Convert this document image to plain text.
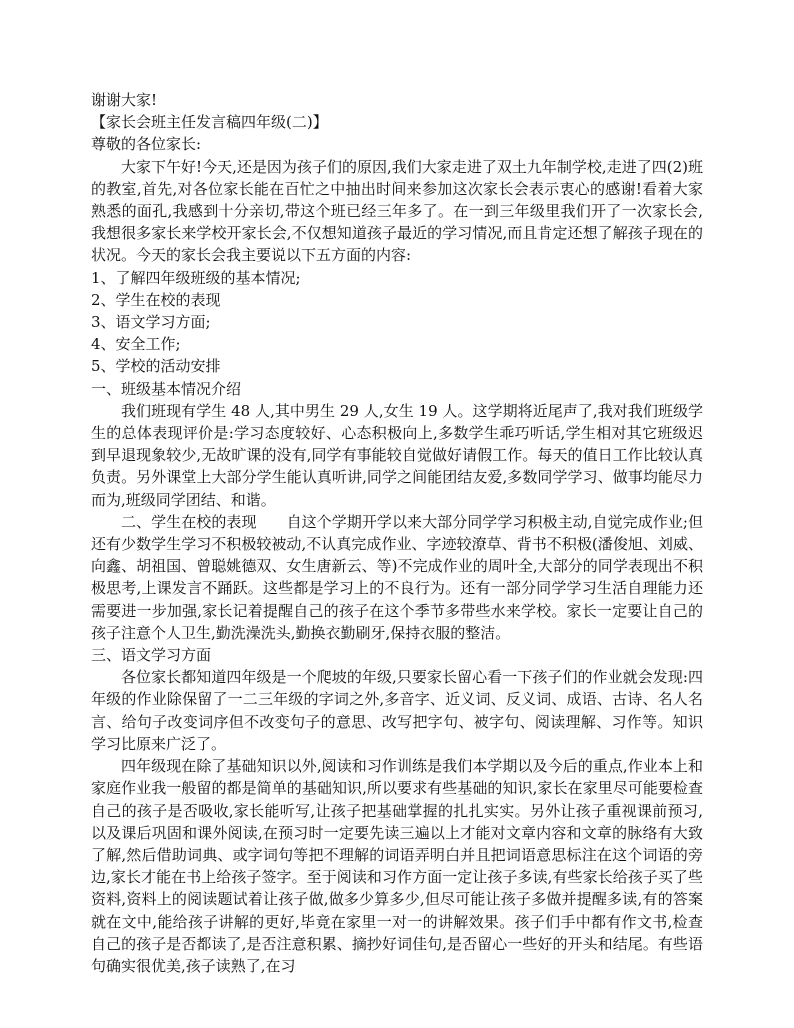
谢谢大家!

【家长会班主任发言稿四年级(二)】

尊敬的各位家长:

大家下午好!今天,还是因为孩子们的原因,我们大家走进了双土九年制学校,走进了四(2)班的教室,首先,对各位家长能在百忙之中抽出时间来参加这次家长会表示衷心的感谢!看着大家熟悉的面孔,我感到十分亲切,带这个班已经三年多了。在一到三年级里我们开了一次家长会,我想很多家长来学校开家长会,不仅想知道孩子最近的学习情况,而且肯定还想了解孩子现在的状况。今天的家长会我主要说以下五方面的内容:

1、了解四年级班级的基本情况;

2、学生在校的表现

3、语文学习方面;

4、安全工作;

5、学校的活动安排

一、班级基本情况介绍

我们班现有学生 48 人,其中男生 29 人,女生 19 人。这学期将近尾声了,我对我们班级学生的总体表现评价是:学习态度较好、心态积极向上,多数学生乖巧听话,学生相对其它班级迟到早退现象较少,无故旷课的没有,同学有事能较自觉做好请假工作。每天的值日工作比较认真负责。另外课堂上大部分学生能认真听讲,同学之间能团结友爱,多数同学学习、做事均能尽力而为,班级同学团结、和谐。

二、学生在校的表现   自这个学期开学以来大部分同学学习积极主动,自觉完成作业;但还有少数学生学习不积极较被动,不认真完成作业、字迹较潦草、背书不积极(潘俊旭、刘威、向鑫、胡祖国、曾聪姚德双、女生唐新云、等)不完成作业的周叶全,大部分的同学表现出不积极思考,上课发言不踊跃。这些都是学习上的不良行为。还有一部分同学学习生活自理能力还需要进一步加强,家长记着提醒自己的孩子在这个季节多带些水来学校。家长一定要让自己的孩子注意个人卫生,勤洗澡洗头,勤换衣勤刷牙,保持衣服的整洁。

三、语文学习方面

各位家长都知道四年级是一个爬坡的年级,只要家长留心看一下孩子们的作业就会发现:四年级的作业除保留了一二三年级的字词之外,多音字、近义词、反义词、成语、古诗、名人名言、给句子改变词序但不改变句子的意思、改写把字句、被字句、阅读理解、习作等。知识学习比原来广泛了。

四年级现在除了基础知识以外,阅读和习作训练是我们本学期以及今后的重点,作业本上和家庭作业我一般留的都是简单的基础知识,所以要求有些基础的知识,家长在家里尽可能要检查自己的孩子是否吸收,家长能听写,让孩子把基础掌握的扎扎实实。另外让孩子重视课前预习,以及课后巩固和课外阅读,在预习时一定要先读三遍以上才能对文章内容和文章的脉络有大致了解,然后借助词典、或字词句等把不理解的词语弄明白并且把词语意思标注在这个词语的旁边,家长才能在书上给孩子签字。至于阅读和习作方面一定让孩子多读,有些家长给孩子买了些资料,资料上的阅读题试着让孩子做,做多少算多少,但尽可能让孩子多做并提醒多读,有的答案就在文中,能给孩子讲解的更好,毕竟在家里一对一的讲解效果。孩子们手中都有作文书,检查自己的孩子是否都读了,是否注意积累、摘抄好词佳句,是否留心一些好的开头和结尾。有些语句确实很优美,孩子读熟了,在习
